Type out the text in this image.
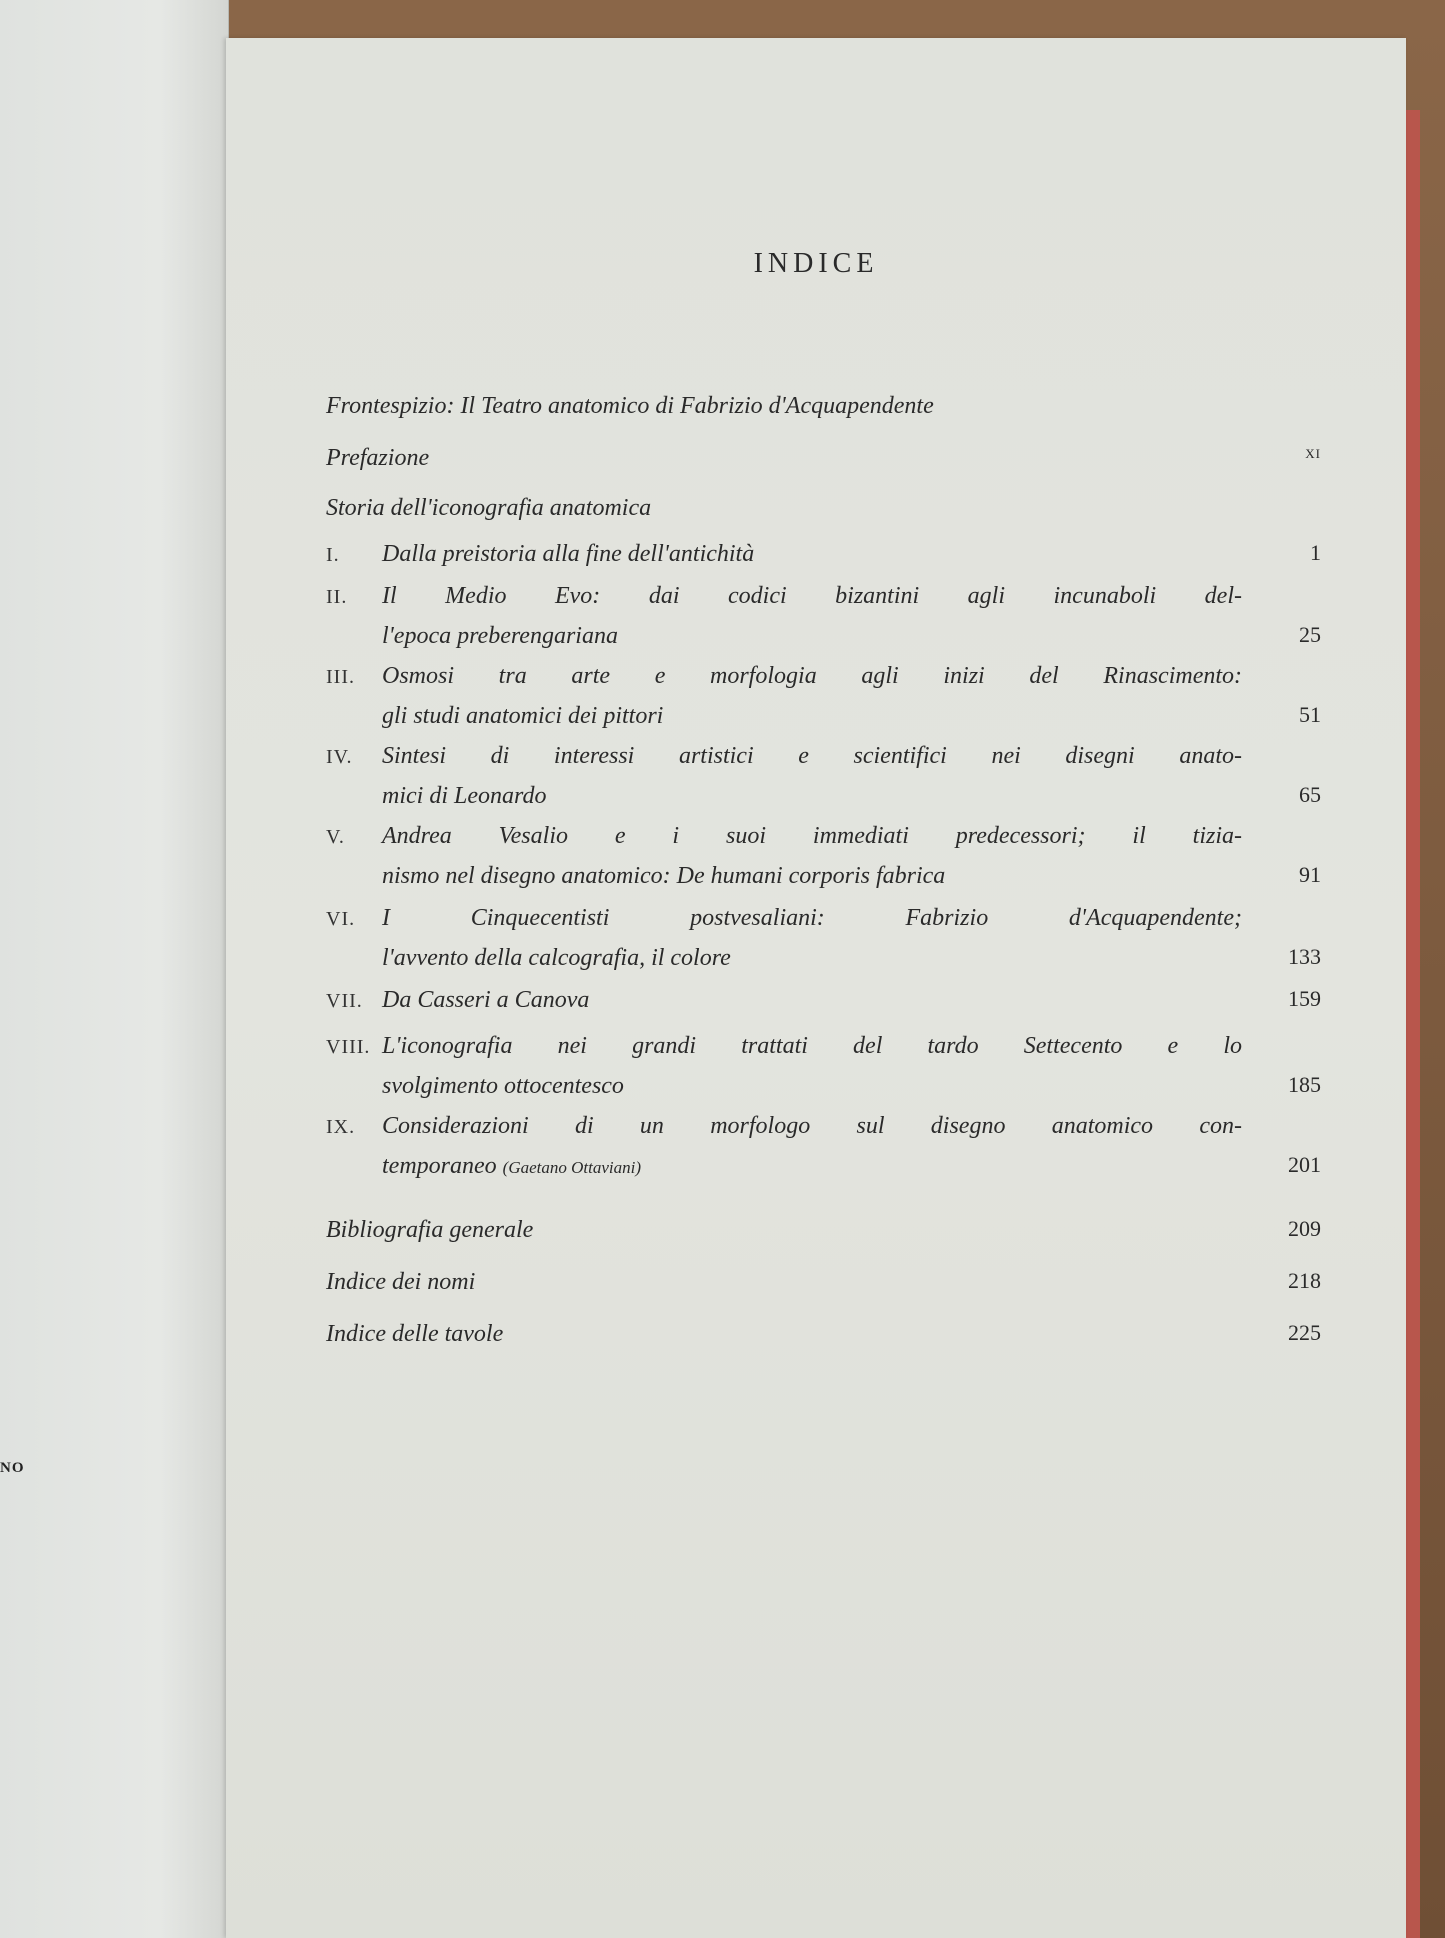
NO
INDICE
Frontespizio: Il Teatro anatomico di Fabrizio d'Acquapendente
Prefazione	xi
Storia dell'iconografia anatomica
I. Dalla preistoria alla fine dell'antichità	1
II. Il Medio Evo: dai codici bizantini agli incunaboli del-
l'epoca preberengariana	25
III. Osmosi tra arte e morfologia agli inizi del Rinascimento:
gli studi anatomici dei pittori	51
IV. Sintesi di interessi artistici e scientifici nei disegni anato-
mici di Leonardo	65
V. Andrea Vesalio e i suoi immediati predecessori; il tizia-
nismo nel disegno anatomico: De humani corporis fabrica	91
VI. I Cinquecentisti postvesaliani: Fabrizio d'Acquapendente;
l'avvento della calcografia, il colore	133
VII. Da Casseri a Canova	159
VIII. L'iconografia nei grandi trattati del tardo Settecento e lo
svolgimento ottocentesco	185
IX. Considerazioni di un morfologo sul disegno anatomico con-
temporaneo (Gaetano Ottaviani)	201
Bibliografia generale	209
Indice dei nomi	218
Indice delle tavole	225
